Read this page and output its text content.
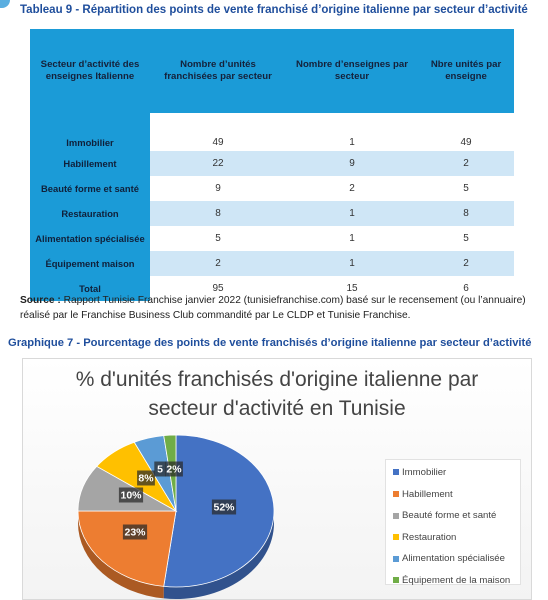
Tableau 9 - Répartition des points de vente franchisé d’origine italienne par secteur d’activité
Secteur d’activité des enseignes Italienne	Nombre d’unités franchisées par secteur	Nombre d’enseignes par secteur	Nbre unités par enseigne
Immobilier	49	1	49
Habillement	22	9	2
Beauté forme et santé	9	2	5
Restauration	8	1	8
Alimentation spécialisée	5	1	5
Équipement maison	2	1	2
Total	95	15	6
Source : Rapport Tunisie Franchise janvier 2022 (tunisiefranchise.com) basé sur le recensement (ou l’annuaire) réalisé par le Franchise Business Club commandité par Le CLDP et Tunisie Franchise.
Graphique 7 - Pourcentage des points de vente franchisés d’origine italienne par secteur d’activité
% d'unités franchisés d'origine italienne par
secteur d'activité en Tunisie
52%
23%
10%
8%
5 2%	Immobilier
Habillement
Beauté forme et santé
Restauration
Alimentation spécialisée
Équipement de la maison
